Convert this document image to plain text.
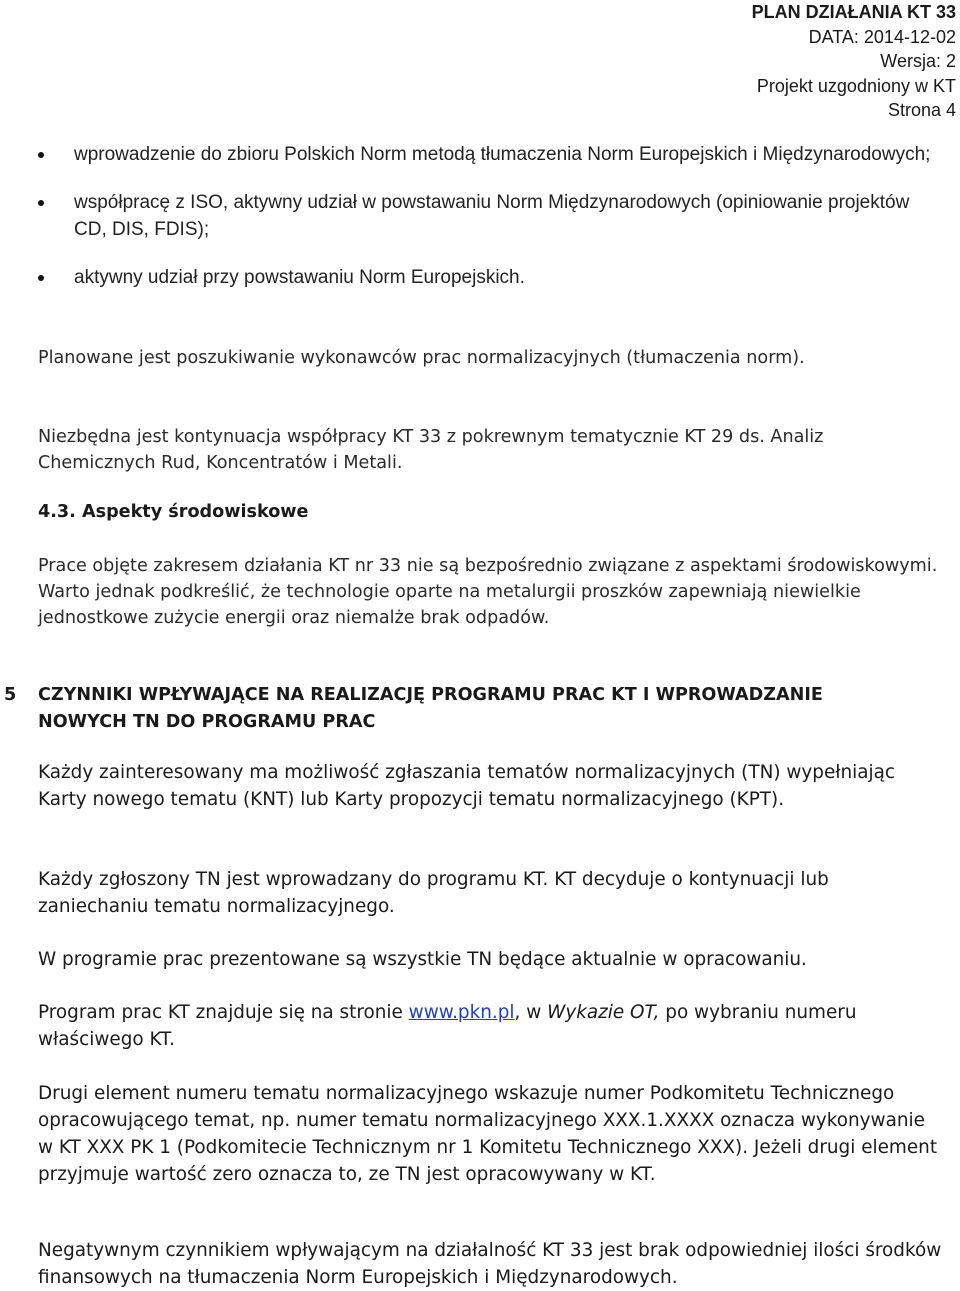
PLAN DZIAŁANIA KT 33
DATA: 2014-12-02
Wersja: 2
Projekt uzgodniony w KT
Strona 4
wprowadzenie do zbioru Polskich Norm metodą tłumaczenia Norm Europejskich i Międzynarodowych;
współpracę z ISO, aktywny udział w powstawaniu Norm Międzynarodowych (opiniowanie projektów CD, DIS, FDIS);
aktywny udział przy powstawaniu Norm Europejskich.

Planowane jest poszukiwanie wykonawców prac normalizacyjnych (tłumaczenia norm).

Niezbędna jest kontynuacja współpracy KT 33 z pokrewnym tematycznie KT 29 ds. Analiz Chemicznych Rud, Koncentratów i Metali.

4.3. Aspekty środowiskowe

Prace objęte zakresem działania KT nr 33 nie są bezpośrednio związane z aspektami środowiskowymi. Warto jednak podkreślić, że technologie oparte na metalurgii proszków zapewniają niewielkie jednostkowe zużycie energii oraz niemalże brak odpadów.

5	CZYNNIKI WPŁYWAJĄCE NA REALIZACJĘ PROGRAMU PRAC KT I WPROWADZANIE NOWYCH TN DO PROGRAMU PRAC

Każdy zainteresowany ma możliwość zgłaszania tematów normalizacyjnych (TN) wypełniając Karty nowego tematu (KNT) lub Karty propozycji tematu normalizacyjnego (KPT).

Każdy zgłoszony TN jest wprowadzany do programu KT. KT decyduje o kontynuacji lub zaniechaniu tematu normalizacyjnego.

W programie prac prezentowane są wszystkie TN będące aktualnie w opracowaniu.

Program prac KT znajduje się na stronie www.pkn.pl, w Wykazie OT, po wybraniu numeru właściwego KT.

Drugi element numeru tematu normalizacyjnego wskazuje numer Podkomitetu Technicznego opracowującego temat, np. numer tematu normalizacyjnego XXX.1.XXXX oznacza wykonywanie w KT XXX PK 1 (Podkomitecie Technicznym nr 1 Komitetu Technicznego XXX). Jeżeli drugi element przyjmuje wartość zero oznacza to, ze TN jest opracowywany w KT.

Negatywnym czynnikiem wpływającym na działalność KT 33 jest brak odpowiedniej ilości środków finansowych na tłumaczenia Norm Europejskich i Międzynarodowych.
